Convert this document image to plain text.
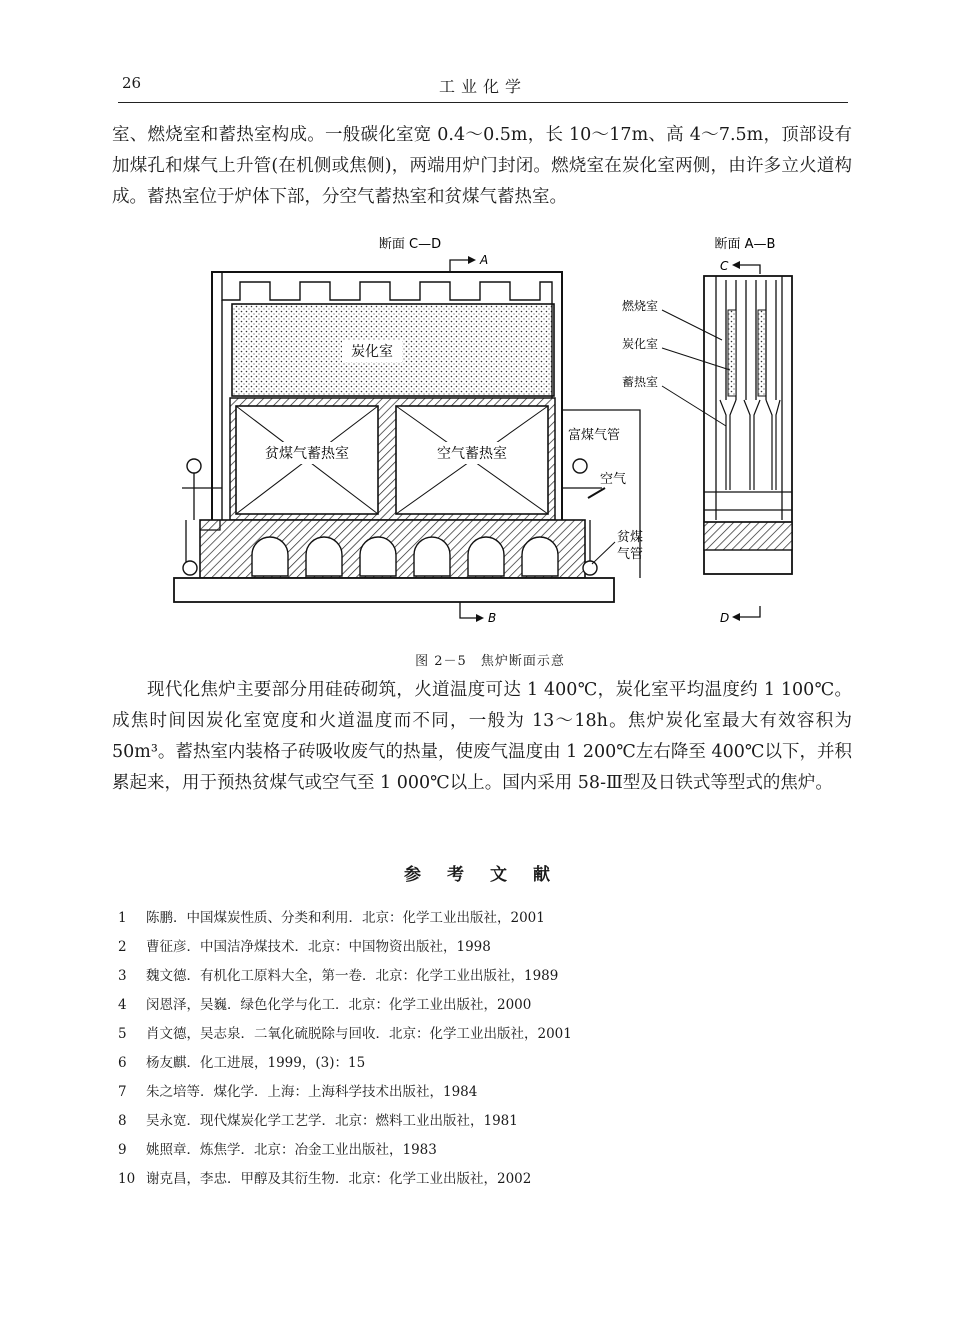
26	工业化学

室、燃烧室和蓄热室构成。一般碳化室宽 0.4～0.5m，长 10～17m、高 4～7.5m，顶部设有加煤孔和煤气上升管(在机侧或焦侧)，两端用炉门封闭。燃烧室在炭化室两侧，由许多立火道构成。蓄热室位于炉体下部，分空气蓄热室和贫煤气蓄热室。

断面 C—D
A
炭化室
贫煤气蓄热室	空气蓄热室
富煤气管
空气
贫煤
气管
B
断面 A—B
C
燃烧室
炭化室
蓄热室
D
图 2－5　焦炉断面示意

现代化焦炉主要部分用硅砖砌筑，火道温度可达 1 400℃，炭化室平均温度约 1 100℃。成焦时间因炭化室宽度和火道温度而不同，一般为 13～18h。焦炉炭化室最大有效容积为 50m³。蓄热室内装格子砖吸收废气的热量，使废气温度由 1 200℃左右降至 400℃以下，并积累起来，用于预热贫煤气或空气至 1 000℃以上。国内采用 58-Ⅲ型及日铁式等型式的焦炉。

参考文献
1 陈鹏．中国煤炭性质、分类和利用．北京：化学工业出版社，2001
2 曹征彦．中国洁净煤技术．北京：中国物资出版社，1998
3 魏文德．有机化工原料大全，第一卷．北京：化学工业出版社，1989
4 闵恩泽，吴巍．绿色化学与化工．北京：化学工业出版社，2000
5 肖文德，吴志泉．二氧化硫脱除与回收．北京：化学工业出版社，2001
6 杨友麒．化工进展，1999，(3)：15
7 朱之培等．煤化学．上海：上海科学技术出版社，1984
8 吴永宽．现代煤炭化学工艺学．北京：燃料工业出版社，1981
9 姚照章．炼焦学．北京：冶金工业出版社，1983
10 谢克昌，李忠．甲醇及其衍生物．北京：化学工业出版社，2002
